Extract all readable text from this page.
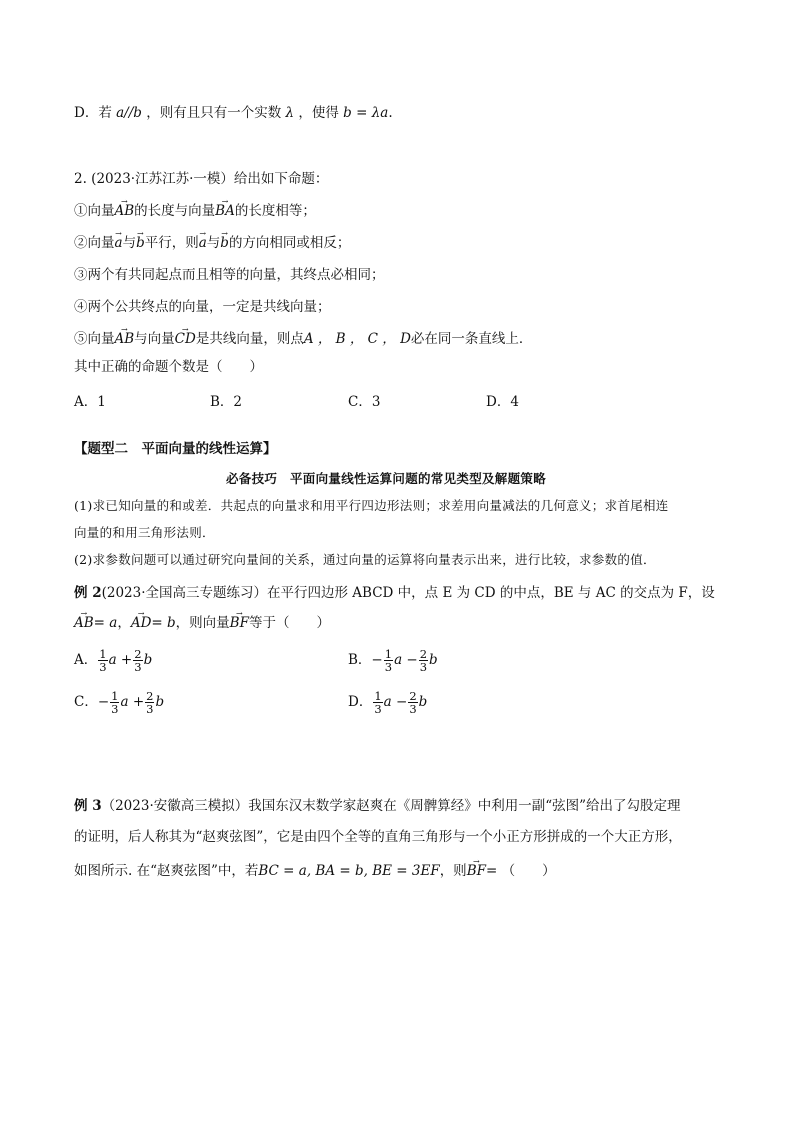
D．若 a//b ，则有且只有一个实数 λ ，使得 b = λa.
2. (2023·江苏江苏·一模）给出如下命题：
①向量AB →的长度与向量BA →的长度相等；
②向量a →与b →平行，则a →与b →的方向相同或相反；
③两个有共同起点而且相等的向量，其终点必相同；
④两个公共终点的向量，一定是共线向量；
⑤向量AB →与向量CD →是共线向量，则点A ， B ， C ， D必在同一条直线上．
其中正确的命题个数是（　　）
A．1	B．2	C．3	D．4
【题型二　平面向量的线性运算】
必备技巧　平面向量线性运算问题的常见类型及解题策略
(1)求已知向量的和或差．共起点的向量求和用平行四边形法则；求差用向量减法的几何意义；求首尾相连
向量的和用三角形法则．
(2)求参数问题可以通过研究向量间的关系，通过向量的运算将向量表示出来，进行比较，求参数的值．
例 2(2023·全国高三专题练习）在平行四边形 ABCD 中，点 E 为 CD 的中点，BE 与 AC 的交点为 F，设
AB →= a，AD →= b，则向量BF →等于（　　）
A． $\frac{1}{3}$ $a + \frac{2}{3}$ b	B．− $\frac{1}{3}$ $a - \frac{2}{3}$ b
C．− $\frac{1}{3}$ $a + \frac{2}{3}$ b	D． $\frac{1}{3}$ $a - \frac{2}{3}$ b
例 3（2023·安徽高三模拟）我国东汉末数学家赵爽在《周髀算经》中利用一副“弦图”给出了勾股定理
的证明，后人称其为“赵爽弦图”，它是由四个全等的直角三角形与一个小正方形拼成的一个大正方形，
如图所示. 在“赵爽弦图”中，若BC = a, BA = b, BE = 3EF，则BF →= （　　）
